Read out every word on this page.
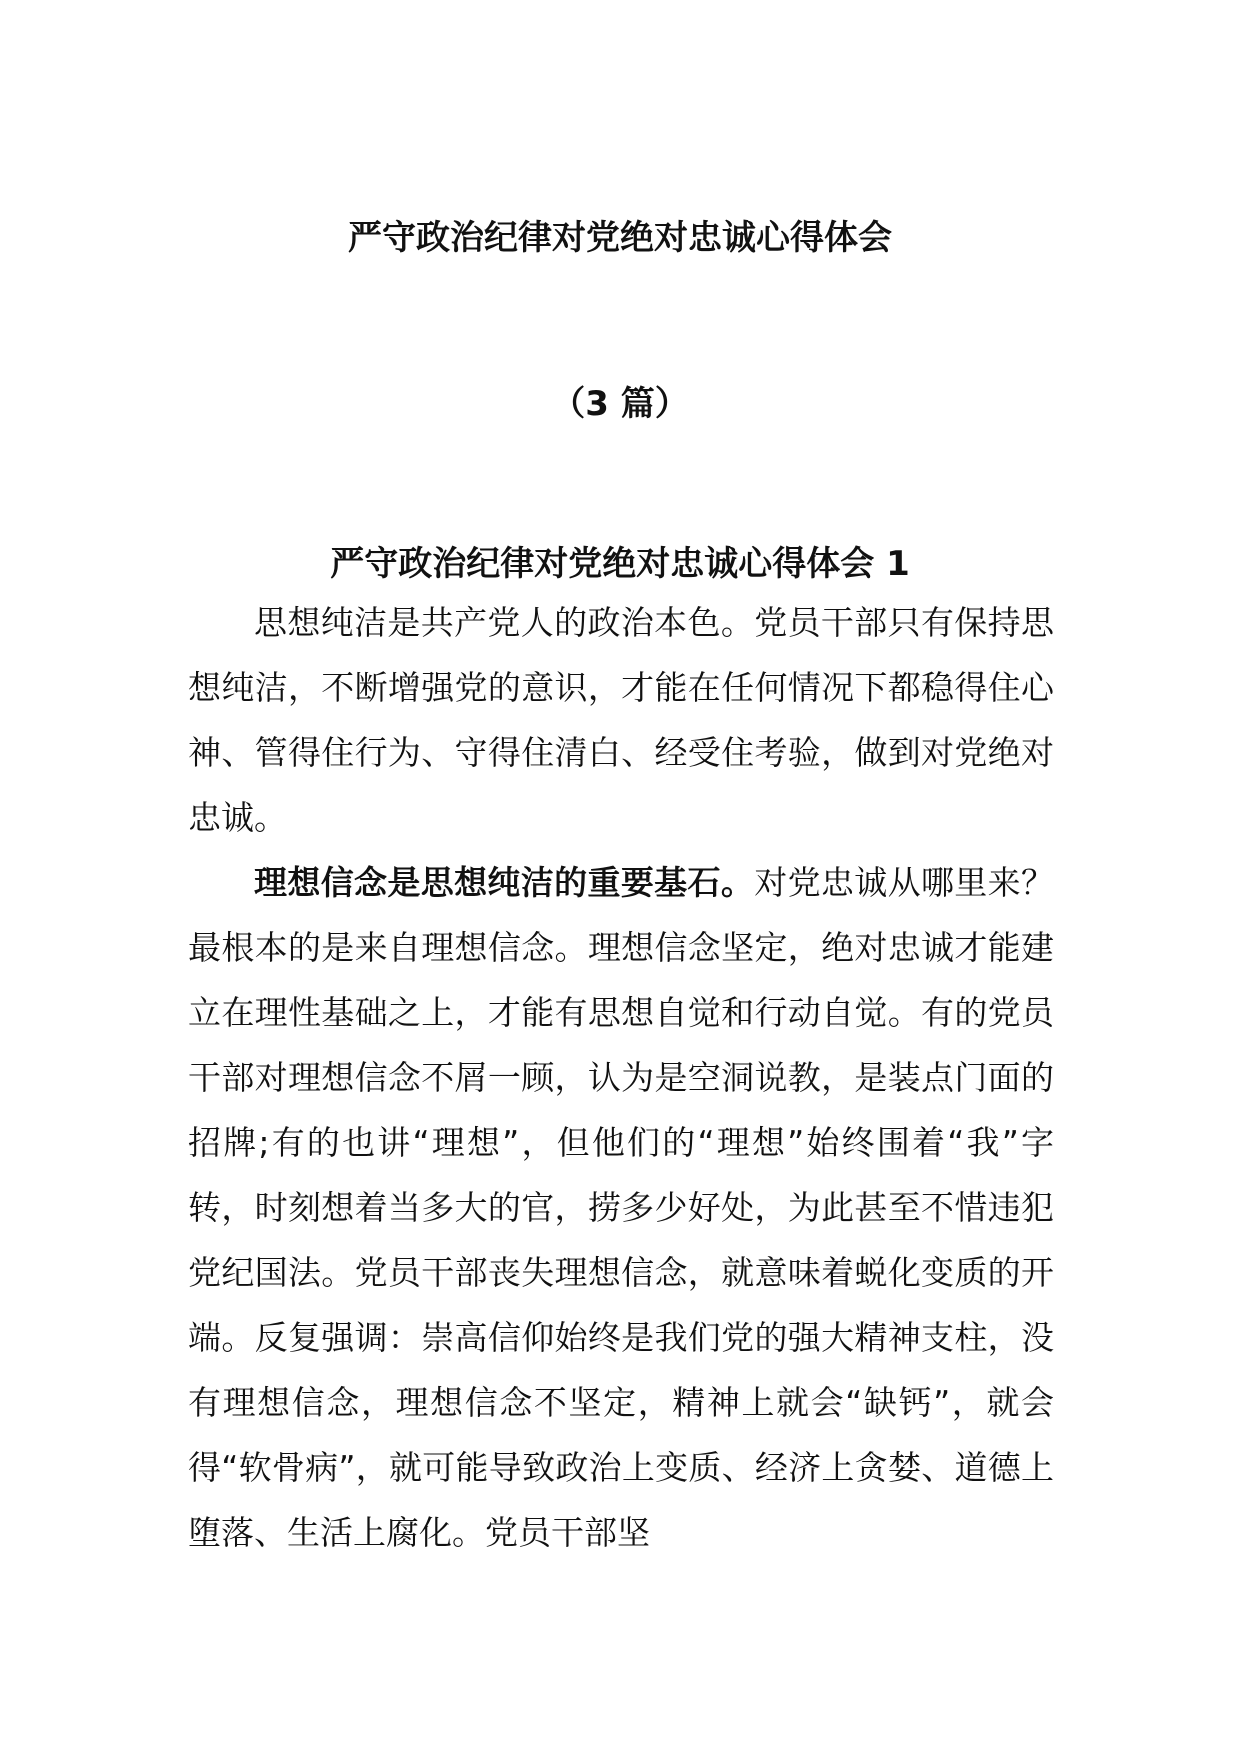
严守政治纪律对党绝对忠诚心得体会
（3 篇）
严守政治纪律对党绝对忠诚心得体会 1

思想纯洁是共产党人的政治本色。党员干部只有保持思想纯洁，不断增强党的意识，才能在任何情况下都稳得住心神、管得住行为、守得住清白、经受住考验，做到对党绝对忠诚。

理想信念是思想纯洁的重要基石。对党忠诚从哪里来？最根本的是来自理想信念。理想信念坚定，绝对忠诚才能建立在理性基础之上，才能有思想自觉和行动自觉。有的党员干部对理想信念不屑一顾，认为是空洞说教，是装点门面的招牌;有的也讲“理想”，但他们的“理想”始终围着“我”字转，时刻想着当多大的官，捞多少好处，为此甚至不惜违犯党纪国法。党员干部丧失理想信念，就意味着蜕化变质的开端。反复强调：崇高信仰始终是我们党的强大精神支柱，没有理想信念，理想信念不坚定，精神上就会“缺钙”，就会得“软骨病”，就可能导致政治上变质、经济上贪婪、道德上堕落、生活上腐化。党员干部坚
